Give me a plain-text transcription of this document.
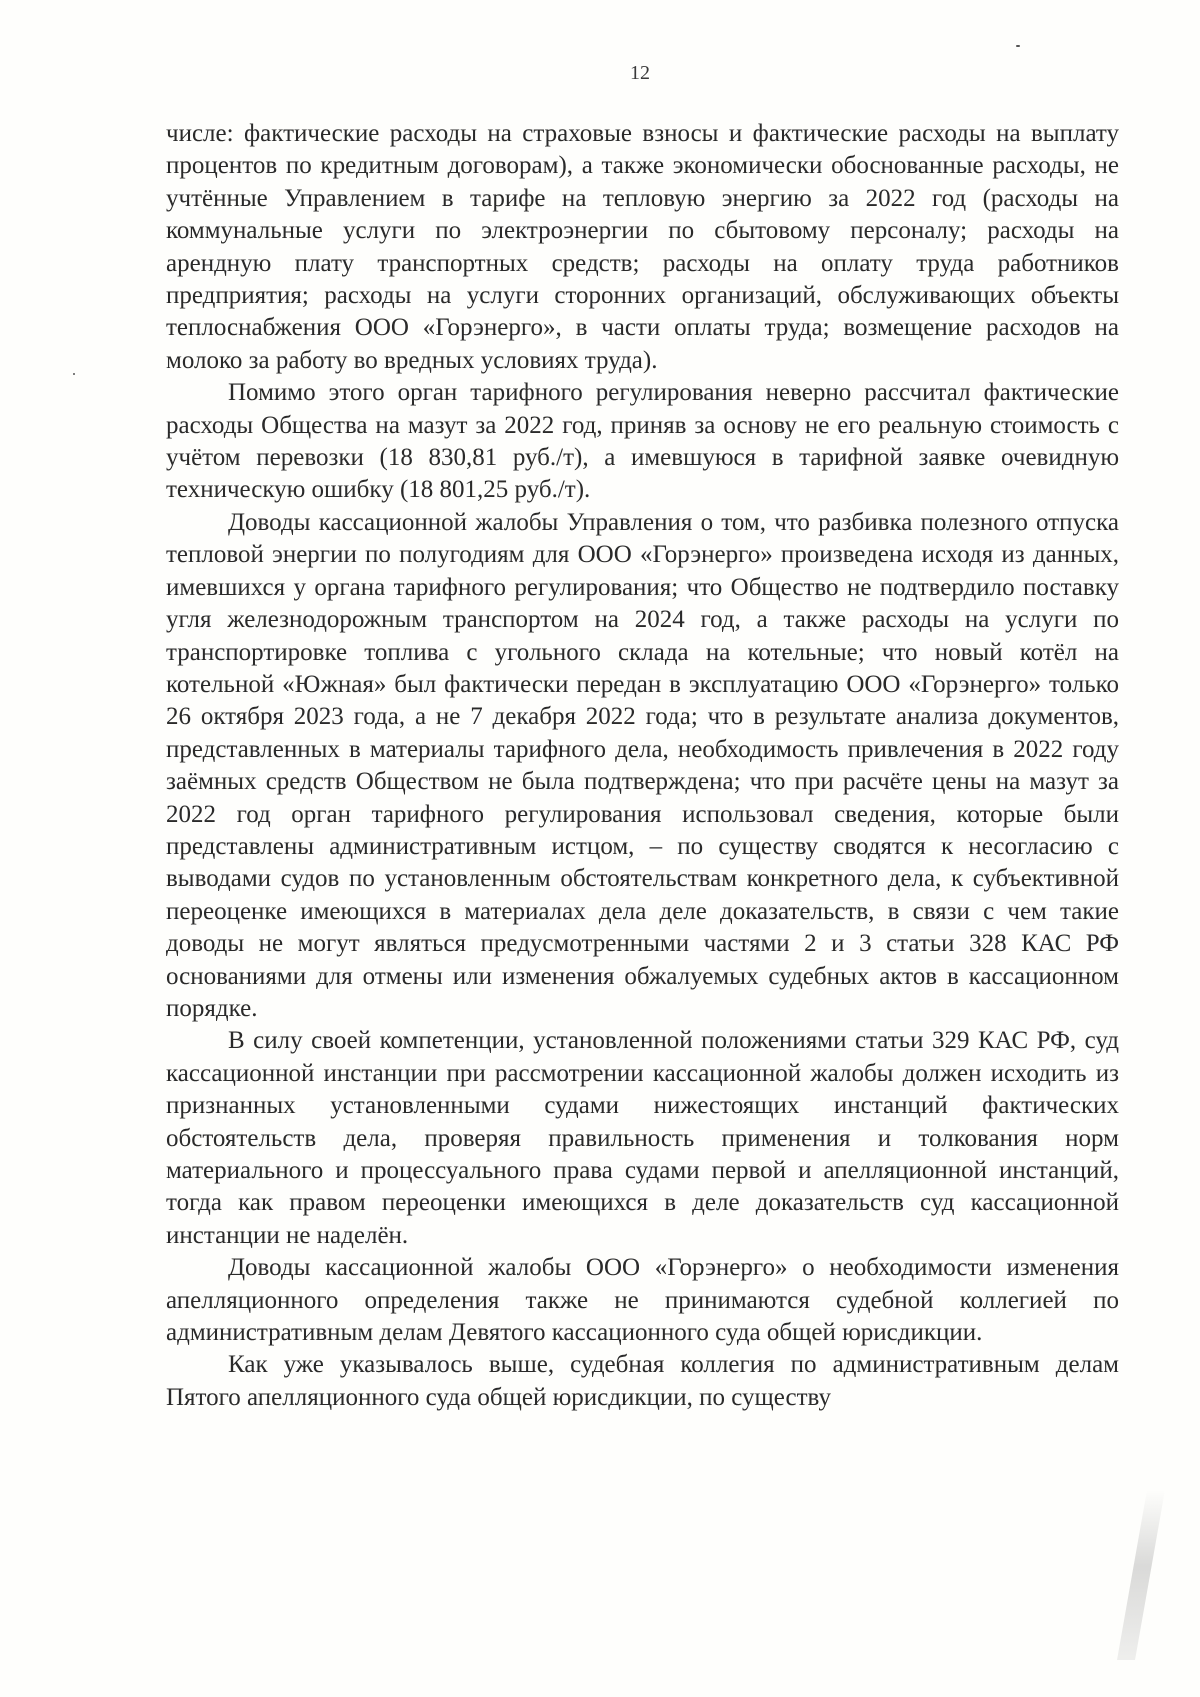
12

числе: фактические расходы на страховые взносы и фактические расходы на выплату процентов по кредитным договорам), а также экономически обоснованные расходы, не учтённые Управлением в тарифе на тепловую энергию за 2022 год (расходы на коммунальные услуги по электроэнергии по сбытовому персоналу; расходы на арендную плату транспортных средств; расходы на оплату труда работников предприятия; расходы на услуги сторонних организаций, обслуживающих объекты теплоснабжения ООО «Горэнерго», в части оплаты труда; возмещение расходов на молоко за работу во вредных условиях труда).

Помимо этого орган тарифного регулирования неверно рассчитал фактические расходы Общества на мазут за 2022 год, приняв за основу не его реальную стоимость с учётом перевозки (18 830,81 руб./т), а имевшуюся в тарифной заявке очевидную техническую ошибку (18 801,25 руб./т).

Доводы кассационной жалобы Управления о том, что разбивка полезного отпуска тепловой энергии по полугодиям для ООО «Горэнерго» произведена исходя из данных, имевшихся у органа тарифного регулирования; что Общество не подтвердило поставку угля железнодорожным транспортом на 2024 год, а также расходы на услуги по транспортировке топлива с угольного склада на котельные; что новый котёл на котельной «Южная» был фактически передан в эксплуатацию ООО «Горэнерго» только 26 октября 2023 года, а не 7 декабря 2022 года; что в результате анализа документов, представленных в материалы тарифного дела, необходимость привлечения в 2022 году заёмных средств Обществом не была подтверждена; что при расчёте цены на мазут за 2022 год орган тарифного регулирования использовал сведения, которые были представлены административным истцом, – по существу сводятся к несогласию с выводами судов по установленным обстоятельствам конкретного дела, к субъективной переоценке имеющихся в материалах дела деле доказательств, в связи с чем такие доводы не могут являться предусмотренными частями 2 и 3 статьи 328 КАС РФ основаниями для отмены или изменения обжалуемых судебных актов в кассационном порядке.

В силу своей компетенции, установленной положениями статьи 329 КАС РФ, суд кассационной инстанции при рассмотрении кассационной жалобы должен исходить из признанных установленными судами нижестоящих инстанций фактических обстоятельств дела, проверяя правильность применения и толкования норм материального и процессуального права судами первой и апелляционной инстанций, тогда как правом переоценки имеющихся в деле доказательств суд кассационной инстанции не наделён.

Доводы кассационной жалобы ООО «Горэнерго» о необходимости изменения апелляционного определения также не принимаются судебной коллегией по административным делам Девятого кассационного суда общей юрисдикции.

Как уже указывалось выше, судебная коллегия по административным делам Пятого апелляционного суда общей юрисдикции, по существу
